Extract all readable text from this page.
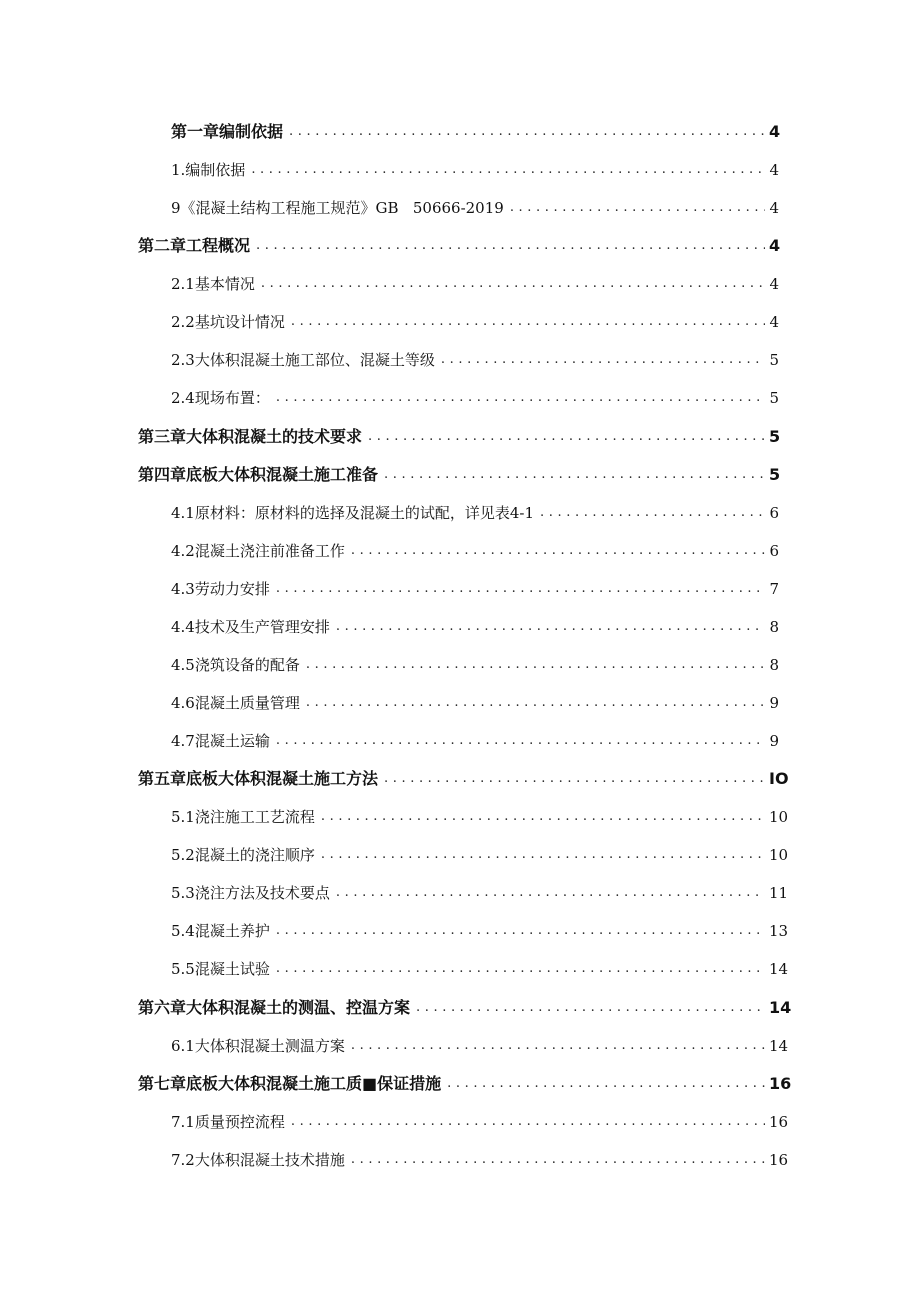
第一章编制依据 .....	4
1.编制依据 .....	4
9《混凝土结构工程施工规范》GB   50666-2019 .....	4
第二章工程概况 .....	4
2.1 基本情况 .....	4
2.2 基坑设计情况 .....	4
2.3 大体积混凝土施工部位、混凝土等级 .....	5
2.4现场布置： .....	5
第三章大体积混凝土的技术要求 .....	5
第四章底板大体积混凝土施工准备 .....	5
4.1 原材料：原材料的选择及混凝土的试配，详见表4-1 .....	6
4.2 混凝土浇注前准备工作 .....	6
4.3 劳动力安排 .....	7
4.4 技术及生产管理安排 .....	8
4.5 浇筑设备的配备 .....	8
4.6 混凝土质量管理 .....	9
4.7 混凝土运输 .....	9
第五章底板大体积混凝土施工方法 .....	IO
5.1 浇注施工工艺流程 .....	10
5.2 混凝土的浇注顺序 .....	10
5.3 浇注方法及技术要点 .....	11
5.4 混凝土养护 .....	13
5.5 混凝土试验 .....	14
第六章大体积混凝土的测温、控温方案 .....	14
6.1大体积混凝土测温方案 .....	14
第七章底板大体积混凝土施工质■保证措施 .....	16
7.1 质量预控流程 .....	16
7.2 大体积混凝土技术措施 .....	16
